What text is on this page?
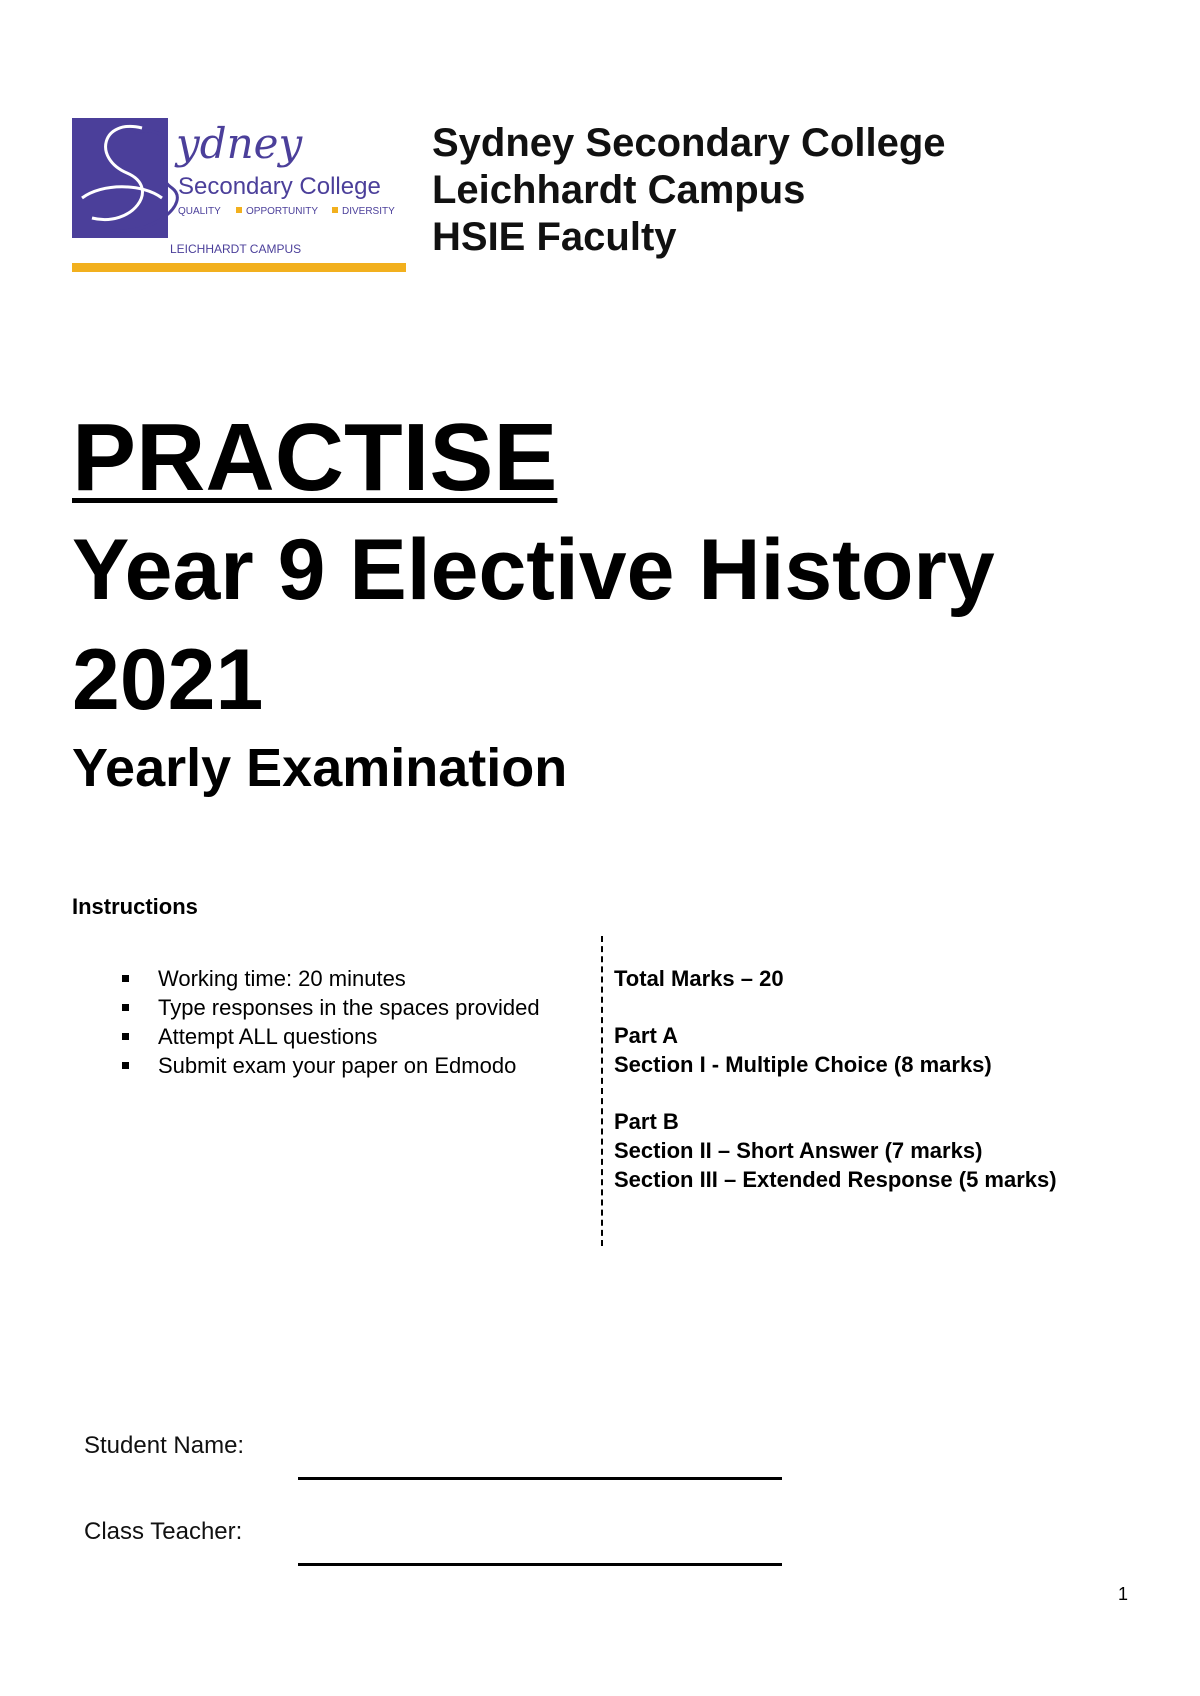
ydney
Secondary College
QUALITY	OPPORTUNITY DIVERSITY
LEICHHARDT CAMPUS
Sydney Secondary College
Leichhardt Campus
HSIE Faculty
PRACTISE
Year 9 Elective History
2021
Yearly Examination
Instructions
Working time: 20 minutes
Type responses in the spaces provided
Attempt ALL questions
Submit exam your paper on Edmodo
Total Marks – 20
Part A
Section I - Multiple Choice (8 marks)
Part B
Section II – Short Answer (7 marks)
Section III – Extended Response (5 marks)
Student Name:
Class Teacher:
1
